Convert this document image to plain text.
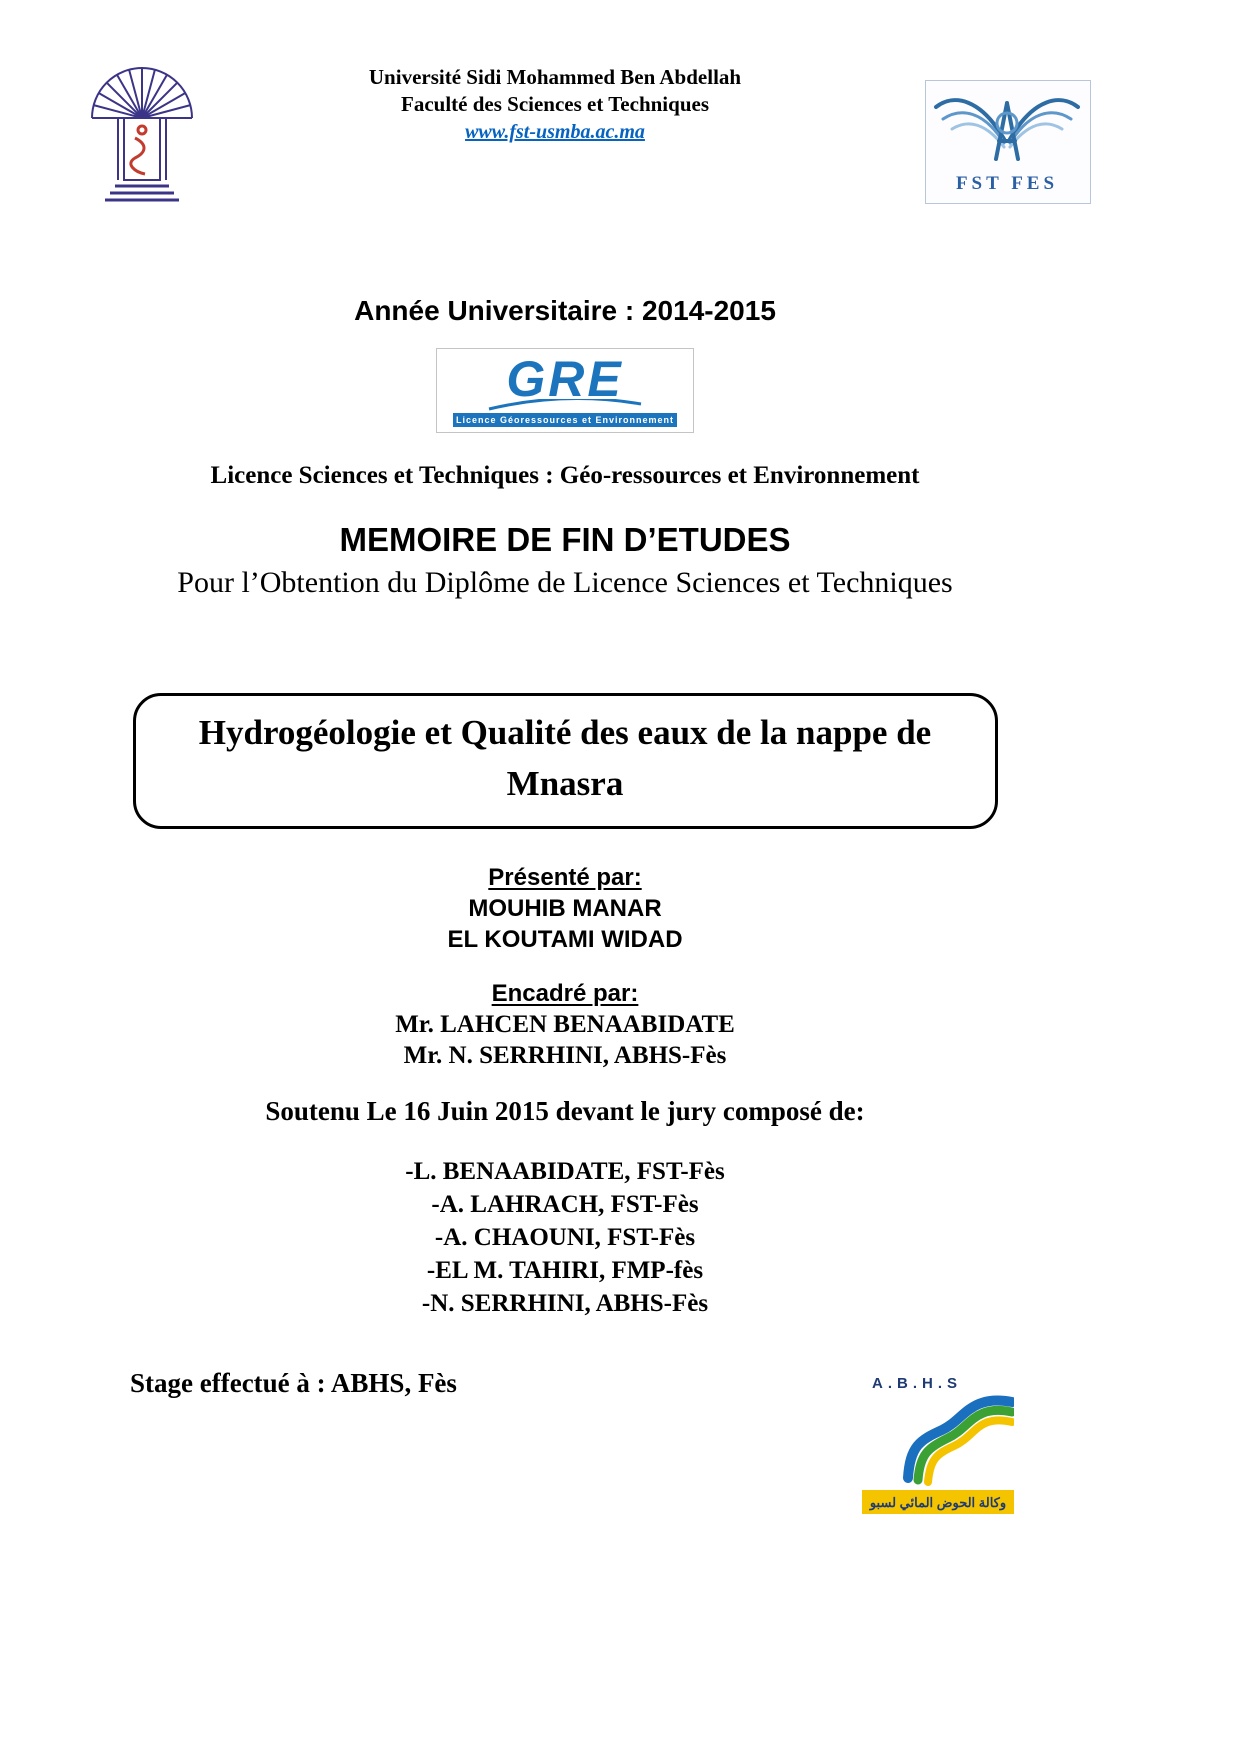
Université Sidi Mohammed Ben Abdellah
Faculté des Sciences et Techniques
www.fst-usmba.ac.ma
FST FES
Année Universitaire : 2014-2015
GRE
Licence Géoressources et Environnement
Licence Sciences et Techniques : Géo-ressources et Environnement
MEMOIRE DE FIN D’ETUDES
Pour l’Obtention du Diplôme de Licence Sciences et Techniques
Hydrogéologie et Qualité des eaux de la nappe de Mnasra
Présenté par:
MOUHIB MANAR
EL KOUTAMI WIDAD
Encadré par:
Mr. LAHCEN BENAABIDATE
Mr. N. SERRHINI, ABHS-Fès
Soutenu Le 16 Juin 2015 devant le jury composé de:
-L. BENAABIDATE, FST-Fès
-A. LAHRACH, FST-Fès
-A. CHAOUNI, FST-Fès
-EL M. TAHIRI, FMP-fès
-N. SERRHINI, ABHS-Fès
Stage effectué à : ABHS, Fès	A.B.H.S
وكالة الحوض المائي لسبو
